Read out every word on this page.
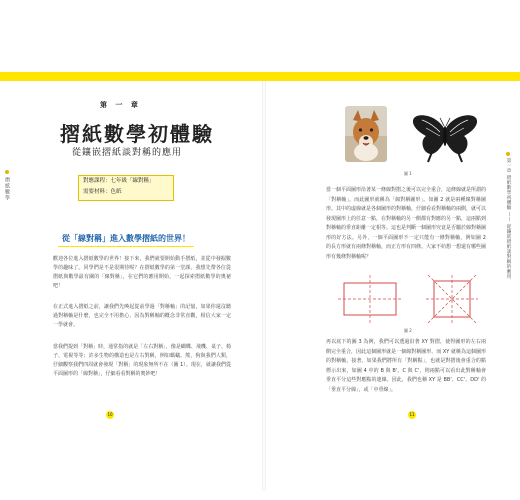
摺紙數學
第 一 章
摺紙數學初體驗
從鑲嵌摺紙談對稱的應用
對應課程：七年級「線對稱」
需要材料：色紙
從「線對稱」進入數學摺紙的世界！
歡迎各位進入摺紙數學的世界！接下來，我們就要開始動手摺紙，並從中發掘數學的趣味了。同學們是不是很期待呢？在摺紙數學的第一堂課，我想先帶各位從摺紙與數學最有關的「線對稱」，在它們的應用開始，一起探索摺紙數學的奧祕吧！
在正式進入摺紙之前，讓我們先喚起從前學過「對稱軸」的記憶，如果你還沒聽過對稱軸是什麼，也完全不用擔心，因為對稱軸的概念非常直觀，相信大家一定一學就會。
當我們提到「對稱」時，通常指的就是「左右對稱」，像是蝴蝶、飛機、桌子、椅子、電視等等；許多生物的構造也是左右對稱，例如螞蟻、熊，狗與我們人類，仔細觀察我們四周就會發現「對稱」的現象無所不在（圖 1）。現在，就讓我們從平面圖形的「線對稱」，仔細看看對稱的奧妙吧！
10
第一章 摺紙數學初體驗 —— 從鑲嵌摺紙談對稱的應用
圖 1
當一個平面圖形沿著某一條線對摺之後可以完全重合，這條線就是所謂的「對稱軸」，而此圖形就稱為「線對稱圖形」。如圖 2 就是兩種線對稱圖形。其中的虛線就是各個圖形的對稱軸，仔細看看對稱軸的兩側，就可以發現圖形上的任意一點，在對稱軸的另一側都有對應的另一點，這兩點到對稱軸的垂直距離一定相等。這也是判斷一個圖形究竟是否屬於線對稱圖形的好方法。另外，一個平面圖形不一定只能有一條對稱軸，例如圖 2 的長方形就有兩條對稱軸，而正方形有四條。大家不妨想一想還有哪些圖形有幾條對稱軸呢？
圖 2
再以底下的圖 3 為例，我們可以透過沿著 XY 對摺，使得圖形的左右兩側完全重合，因此這個圖形就是一個線對稱圖形，而 XY 就稱為這個圖形的對稱軸。接著，如果我們將所有「對稱點」，也就是對摺後會重合的點標示出來，如圖 4 中的 B 與 B'、C 與 C'，則兩點可以看出此對稱軸會垂直平分這些對應點的連線。因此，我們也稱 XY 是 BB'、CC'、DD' 的「垂直平分線」，或「中垂線」。
11
